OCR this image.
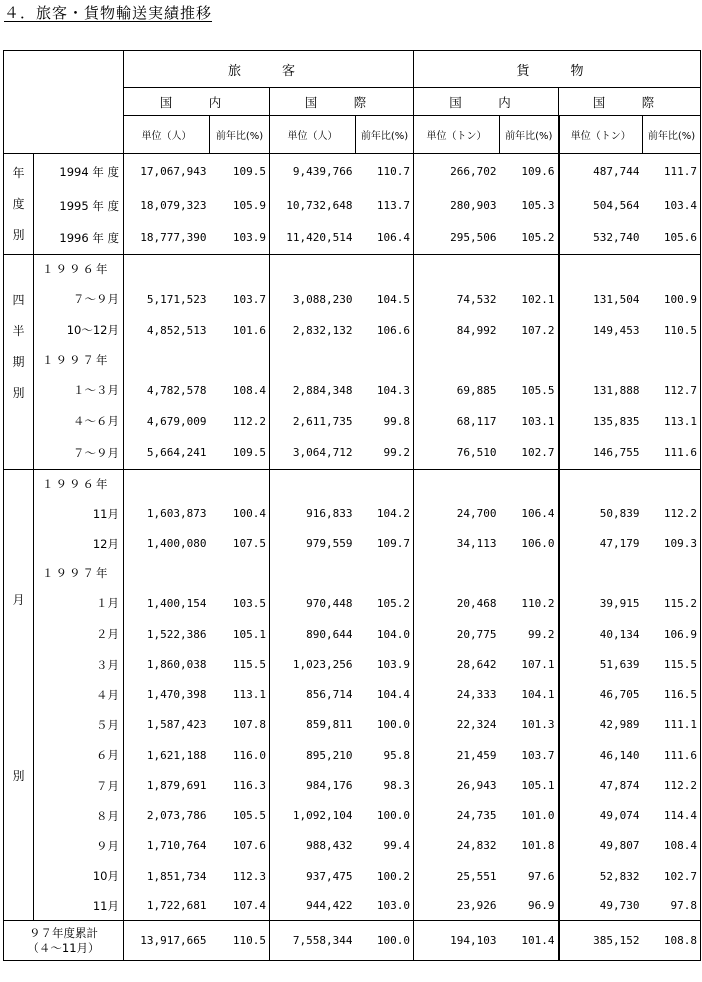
４．旅客・貨物輸送実績推移
		旅　客				貨　物			
		国　内		国　際		国　内		国　際	
		単位（人）	前年比(%)	単位（人）	前年比(%)	単位（トン）	前年比(%)	単位（トン）	前年比(%)

年
度
別	1994 年 度	17,067,943	109.5	9,439,766	110.7	266,702	109.6	487,744	111.7
	1995 年 度	18,079,323	105.9	10,732,648	113.7	280,903	105.3	504,564	103.4
	1996 年 度	18,777,390	103.9	11,420,514	106.4	295,506	105.2	532,740	105.6

四
半
期
別	１９９６年								
	７～９月	5,171,523	103.7	3,088,230	104.5	74,532	102.1	131,504	100.9
	10～12月	4,852,513	101.6	2,832,132	106.6	84,992	107.2	149,453	110.5
	１９９７年								
	１～３月	4,782,578	108.4	2,884,348	104.3	69,885	105.5	131,888	112.7
	４～６月	4,679,009	112.2	2,611,735	99.8	68,117	103.1	135,835	113.1
	７～９月	5,664,241	109.5	3,064,712	99.2	76,510	102.7	146,755	111.6

月
別	１９９６年								
	11月	1,603,873	100.4	916,833	104.2	24,700	106.4	50,839	112.2
	12月	1,400,080	107.5	979,559	109.7	34,113	106.0	47,179	109.3
	１９９７年								
	１月	1,400,154	103.5	970,448	105.2	20,468	110.2	39,915	115.2
	２月	1,522,386	105.1	890,644	104.0	20,775	99.2	40,134	106.9
	３月	1,860,038	115.5	1,023,256	103.9	28,642	107.1	51,639	115.5
	４月	1,470,398	113.1	856,714	104.4	24,333	104.1	46,705	116.5
	５月	1,587,423	107.8	859,811	100.0	22,324	101.3	42,989	111.1
	６月	1,621,188	116.0	895,210	95.8	21,459	103.7	46,140	111.6
	７月	1,879,691	116.3	984,176	98.3	26,943	105.1	47,874	112.2
	８月	2,073,786	105.5	1,092,104	100.0	24,735	101.0	49,074	114.4
	９月	1,710,764	107.6	988,432	99.4	24,832	101.8	49,807	108.4
	10月	1,851,734	112.3	937,475	100.2	25,551	97.6	52,832	102.7
	11月	1,722,681	107.4	944,422	103.0	23,926	96.9	49,730	97.8

９７年度累計
（４～11月）		13,917,665	110.5	7,558,344	100.0	194,103	101.4	385,152	108.8
